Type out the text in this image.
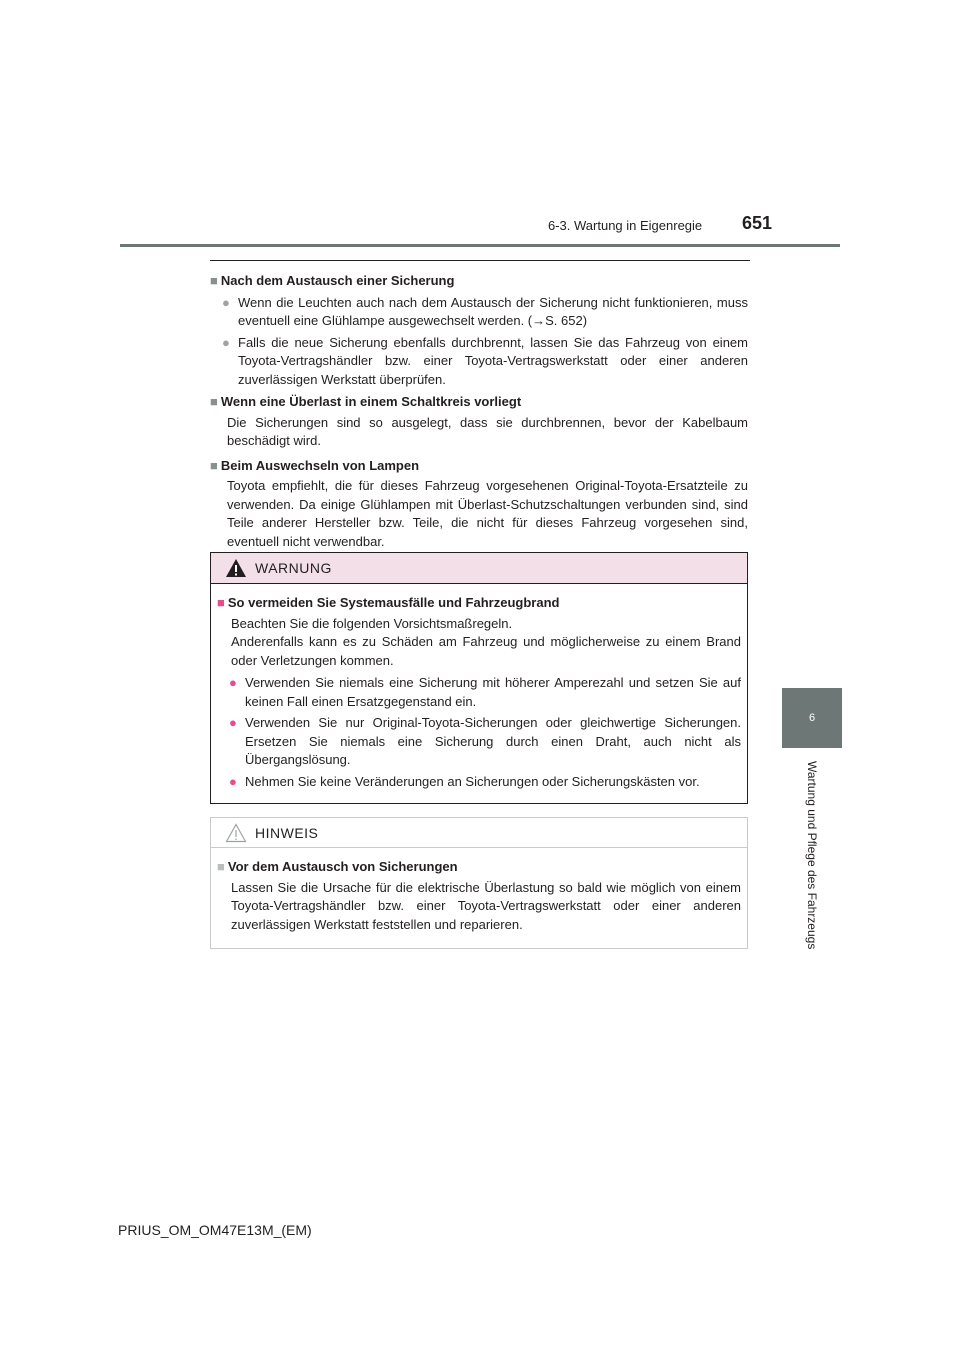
6-3. Wartung in Eigenregie 651
6
Wartung und Pflege des Fahrzeugs
■ Nach dem Austausch einer Sicherung
● Wenn die Leuchten auch nach dem Austausch der Sicherung nicht funktionieren, muss eventuell eine Glühlampe ausgewechselt werden. (→S. 652)
● Falls die neue Sicherung ebenfalls durchbrennt, lassen Sie das Fahrzeug von einem Toyota-Vertragshändler bzw. einer Toyota-Vertragswerkstatt oder einer anderen zuverlässigen Werkstatt überprüfen.
■ Wenn eine Überlast in einem Schaltkreis vorliegt
Die Sicherungen sind so ausgelegt, dass sie durchbrennen, bevor der Kabelbaum beschädigt wird.
■ Beim Auswechseln von Lampen
Toyota empfiehlt, die für dieses Fahrzeug vorgesehenen Original-Toyota-Ersatzteile zu verwenden. Da einige Glühlampen mit Überlast-Schutzschaltungen verbunden sind, sind Teile anderer Hersteller bzw. Teile, die nicht für dieses Fahrzeug vorgesehen sind, eventuell nicht verwendbar.
WARNUNG
■ So vermeiden Sie Systemausfälle und Fahrzeugbrand
Beachten Sie die folgenden Vorsichtsmaßregeln.
Anderenfalls kann es zu Schäden am Fahrzeug und möglicherweise zu einem Brand oder Verletzungen kommen.
● Verwenden Sie niemals eine Sicherung mit höherer Amperezahl und setzen Sie auf keinen Fall einen Ersatzgegenstand ein.
● Verwenden Sie nur Original-Toyota-Sicherungen oder gleichwertige Sicherungen. Ersetzen Sie niemals eine Sicherung durch einen Draht, auch nicht als Übergangslösung.
● Nehmen Sie keine Veränderungen an Sicherungen oder Sicherungskästen vor.
HINWEIS
■ Vor dem Austausch von Sicherungen
Lassen Sie die Ursache für die elektrische Überlastung so bald wie möglich von einem Toyota-Vertragshändler bzw. einer Toyota-Vertragswerkstatt oder einer anderen zuverlässigen Werkstatt feststellen und reparieren.
PRIUS_OM_OM47E13M_(EM)
